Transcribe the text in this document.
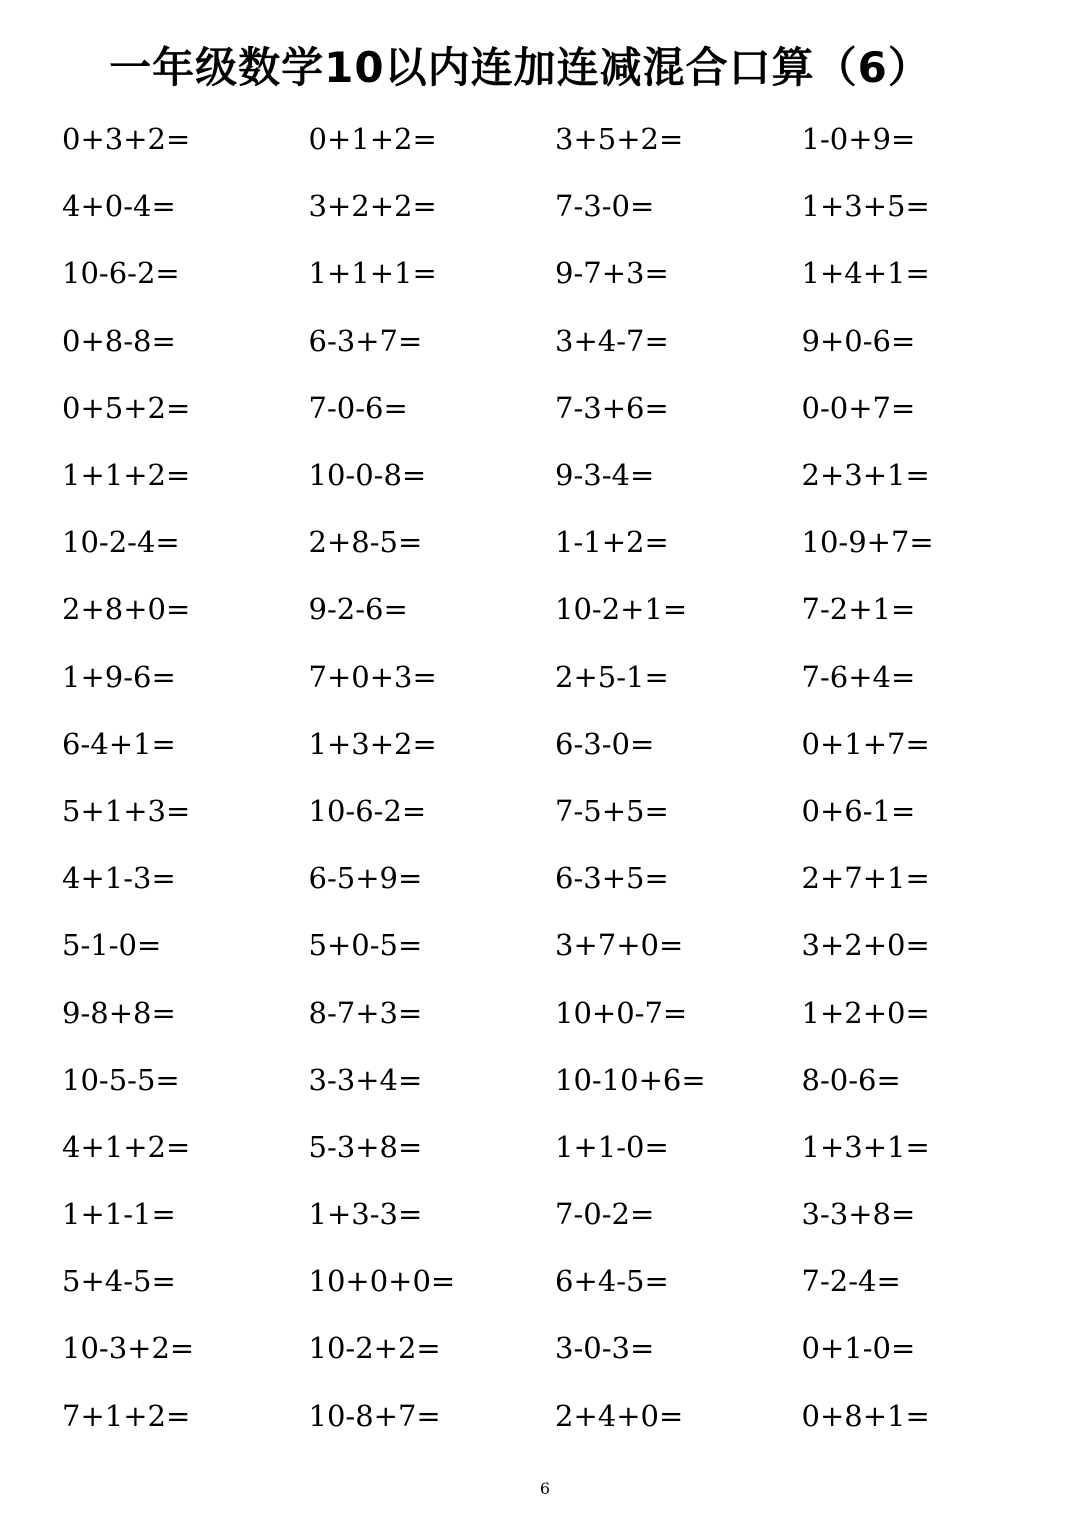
一年级数学10以内连加连减混合口算（6）
0+3+2=	0+1+2=	3+5+2=	1-0+9=
4+0-4=	3+2+2=	7-3-0=	1+3+5=
10-6-2=	1+1+1=	9-7+3=	1+4+1=
0+8-8=	6-3+7=	3+4-7=	9+0-6=
0+5+2=	7-0-6=	7-3+6=	0-0+7=
1+1+2=	10-0-8=	9-3-4=	2+3+1=
10-2-4=	2+8-5=	1-1+2=	10-9+7=
2+8+0=	9-2-6=	10-2+1=	7-2+1=
1+9-6=	7+0+3=	2+5-1=	7-6+4=
6-4+1=	1+3+2=	6-3-0=	0+1+7=
5+1+3=	10-6-2=	7-5+5=	0+6-1=
4+1-3=	6-5+9=	6-3+5=	2+7+1=
5-1-0=	5+0-5=	3+7+0=	3+2+0=
9-8+8=	8-7+3=	10+0-7=	1+2+0=
10-5-5=	3-3+4=	10-10+6=	8-0-6=
4+1+2=	5-3+8=	1+1-0=	1+3+1=
1+1-1=	1+3-3=	7-0-2=	3-3+8=
5+4-5=	10+0+0=	6+4-5=	7-2-4=
10-3+2=	10-2+2=	3-0-3=	0+1-0=
7+1+2=	10-8+7=	2+4+0=	0+8+1=
6
